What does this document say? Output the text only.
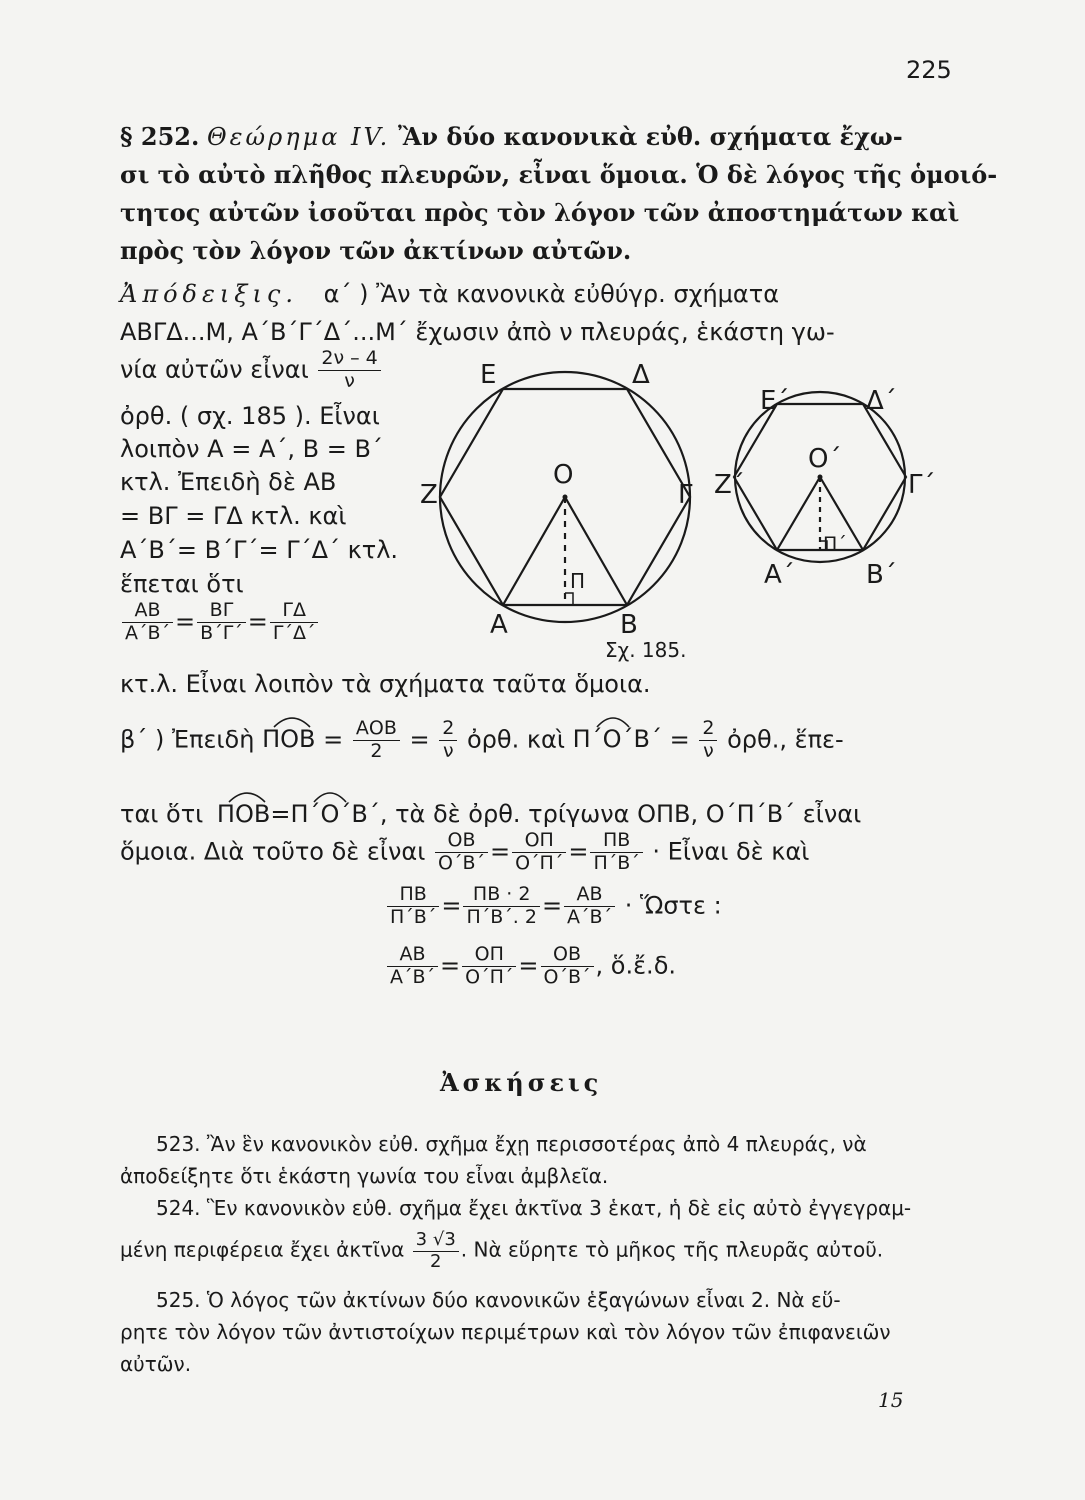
225
§ 252. Θεώρημα IV. Ἂν δύο κανονικὰ εὐθ. σχήματα ἔχω-
σι τὸ αὐτὸ πλῆθος πλευρῶν, εἶναι ὅμοια. Ὁ δὲ λόγος τῆς ὁμοιό-
τητος αὐτῶν ἰσοῦται πρὸς τὸν λόγον τῶν ἀποστημάτων καὶ
πρὸς τὸν λόγον τῶν ἀκτίνων αὐτῶν.
Ἀπόδειξις. α΄ ) Ἂν τὰ κανονικὰ εὐθύγρ. σχήματα
ΑΒΓΔ...Μ, Α΄Β΄Γ΄Δ΄...Μ΄ ἔχωσιν ἀπὸ ν πλευράς, ἑκάστη γω-
νία αὐτῶν εἶναι $\frac{2\nu - 4}{\nu}$
ὀρθ. ( σχ. 185 ). Εἶναι
λοιπὸν Α = Α΄, Β = Β΄
κτλ. Ἐπειδὴ δὲ ΑΒ
= ΒΓ = ΓΔ κτλ. καὶ
Α΄Β΄= Β΄Γ΄= Γ΄Δ΄ κτλ.
ἕπεται ὅτι
$\frac{AB}{A΄B΄} = \frac{B\Gamma}{B΄\Gamma΄} = \frac{\Gamma\Delta}{\Gamma΄\Delta΄}$
κτ.λ. Εἶναι λοιπὸν τὰ σχήματα ταῦτα ὅμοια.
Ε	Δ
Ζ	Γ
Ο
Α	Β
Π
Ε΄	Δ΄
Ζ΄	Γ΄
Ο΄
Α΄	Β΄
Π΄
Σχ. 185.
β΄ ) Ἐπειδὴ $\Pi OB = \frac{\text{ΑΟΒ}}{2} = \frac{2}{\nu}$ ὀρθ. καὶ $\Pi΄O΄B΄ = \frac{2}{\nu}$ ὀρθ., ἕπε-
ται ὅτι ΠΟΒ
=Π΄Ο΄Β΄
, τὰ δὲ ὀρθ. τρίγωνα ΟΠΒ, Ο΄Π΄Β΄ εἶναι
ὅμοια. Διὰ τοῦτο δὲ εἶναι $\frac{OB}{O΄B΄} = \frac{O\Pi}{O΄\Pi΄} = \frac{\Pi B}{\Pi΄B΄}$ · Εἶναι δὲ καὶ
$\frac{\Pi B}{\Pi΄B΄} = \frac{\Pi B \cdot 2}{\Pi΄B΄. 2} = \frac{AB}{A΄B΄}$ · Ὥστε :
$\frac{AB}{A΄B΄} = \frac{O\Pi}{O΄\Pi΄} = \frac{OB}{O΄B΄}$ , ὅ.ἔ.δ.
Ἀσκήσεις
523. Ἂν ἓν κανονικὸν εὐθ. σχῆμα ἔχῃ περισσοτέρας ἀπὸ 4 πλευράς, νὰ
ἀποδείξητε ὅτι ἑκάστη γωνία του εἶναι ἀμβλεῖα.
524. Ἓν κανονικὸν εὐθ. σχῆμα ἔχει ἀκτῖνα 3 ἑκατ, ἡ δὲ εἰς αὐτὸ ἐγγεγραμ-
μένη περιφέρεια ἔχει ἀκτῖνα $\frac{3 √3}{2}$ . Νὰ εὕρητε τὸ μῆκος τῆς πλευρᾶς αὐτοῦ.
525. Ὁ λόγος τῶν ἀκτίνων δύο κανονικῶν ἑξαγώνων εἶναι 2. Νὰ εὕ-
ρητε τὸν λόγον τῶν ἀντιστοίχων περιμέτρων καὶ τὸν λόγον τῶν ἐπιφανειῶν
αὐτῶν.
15
